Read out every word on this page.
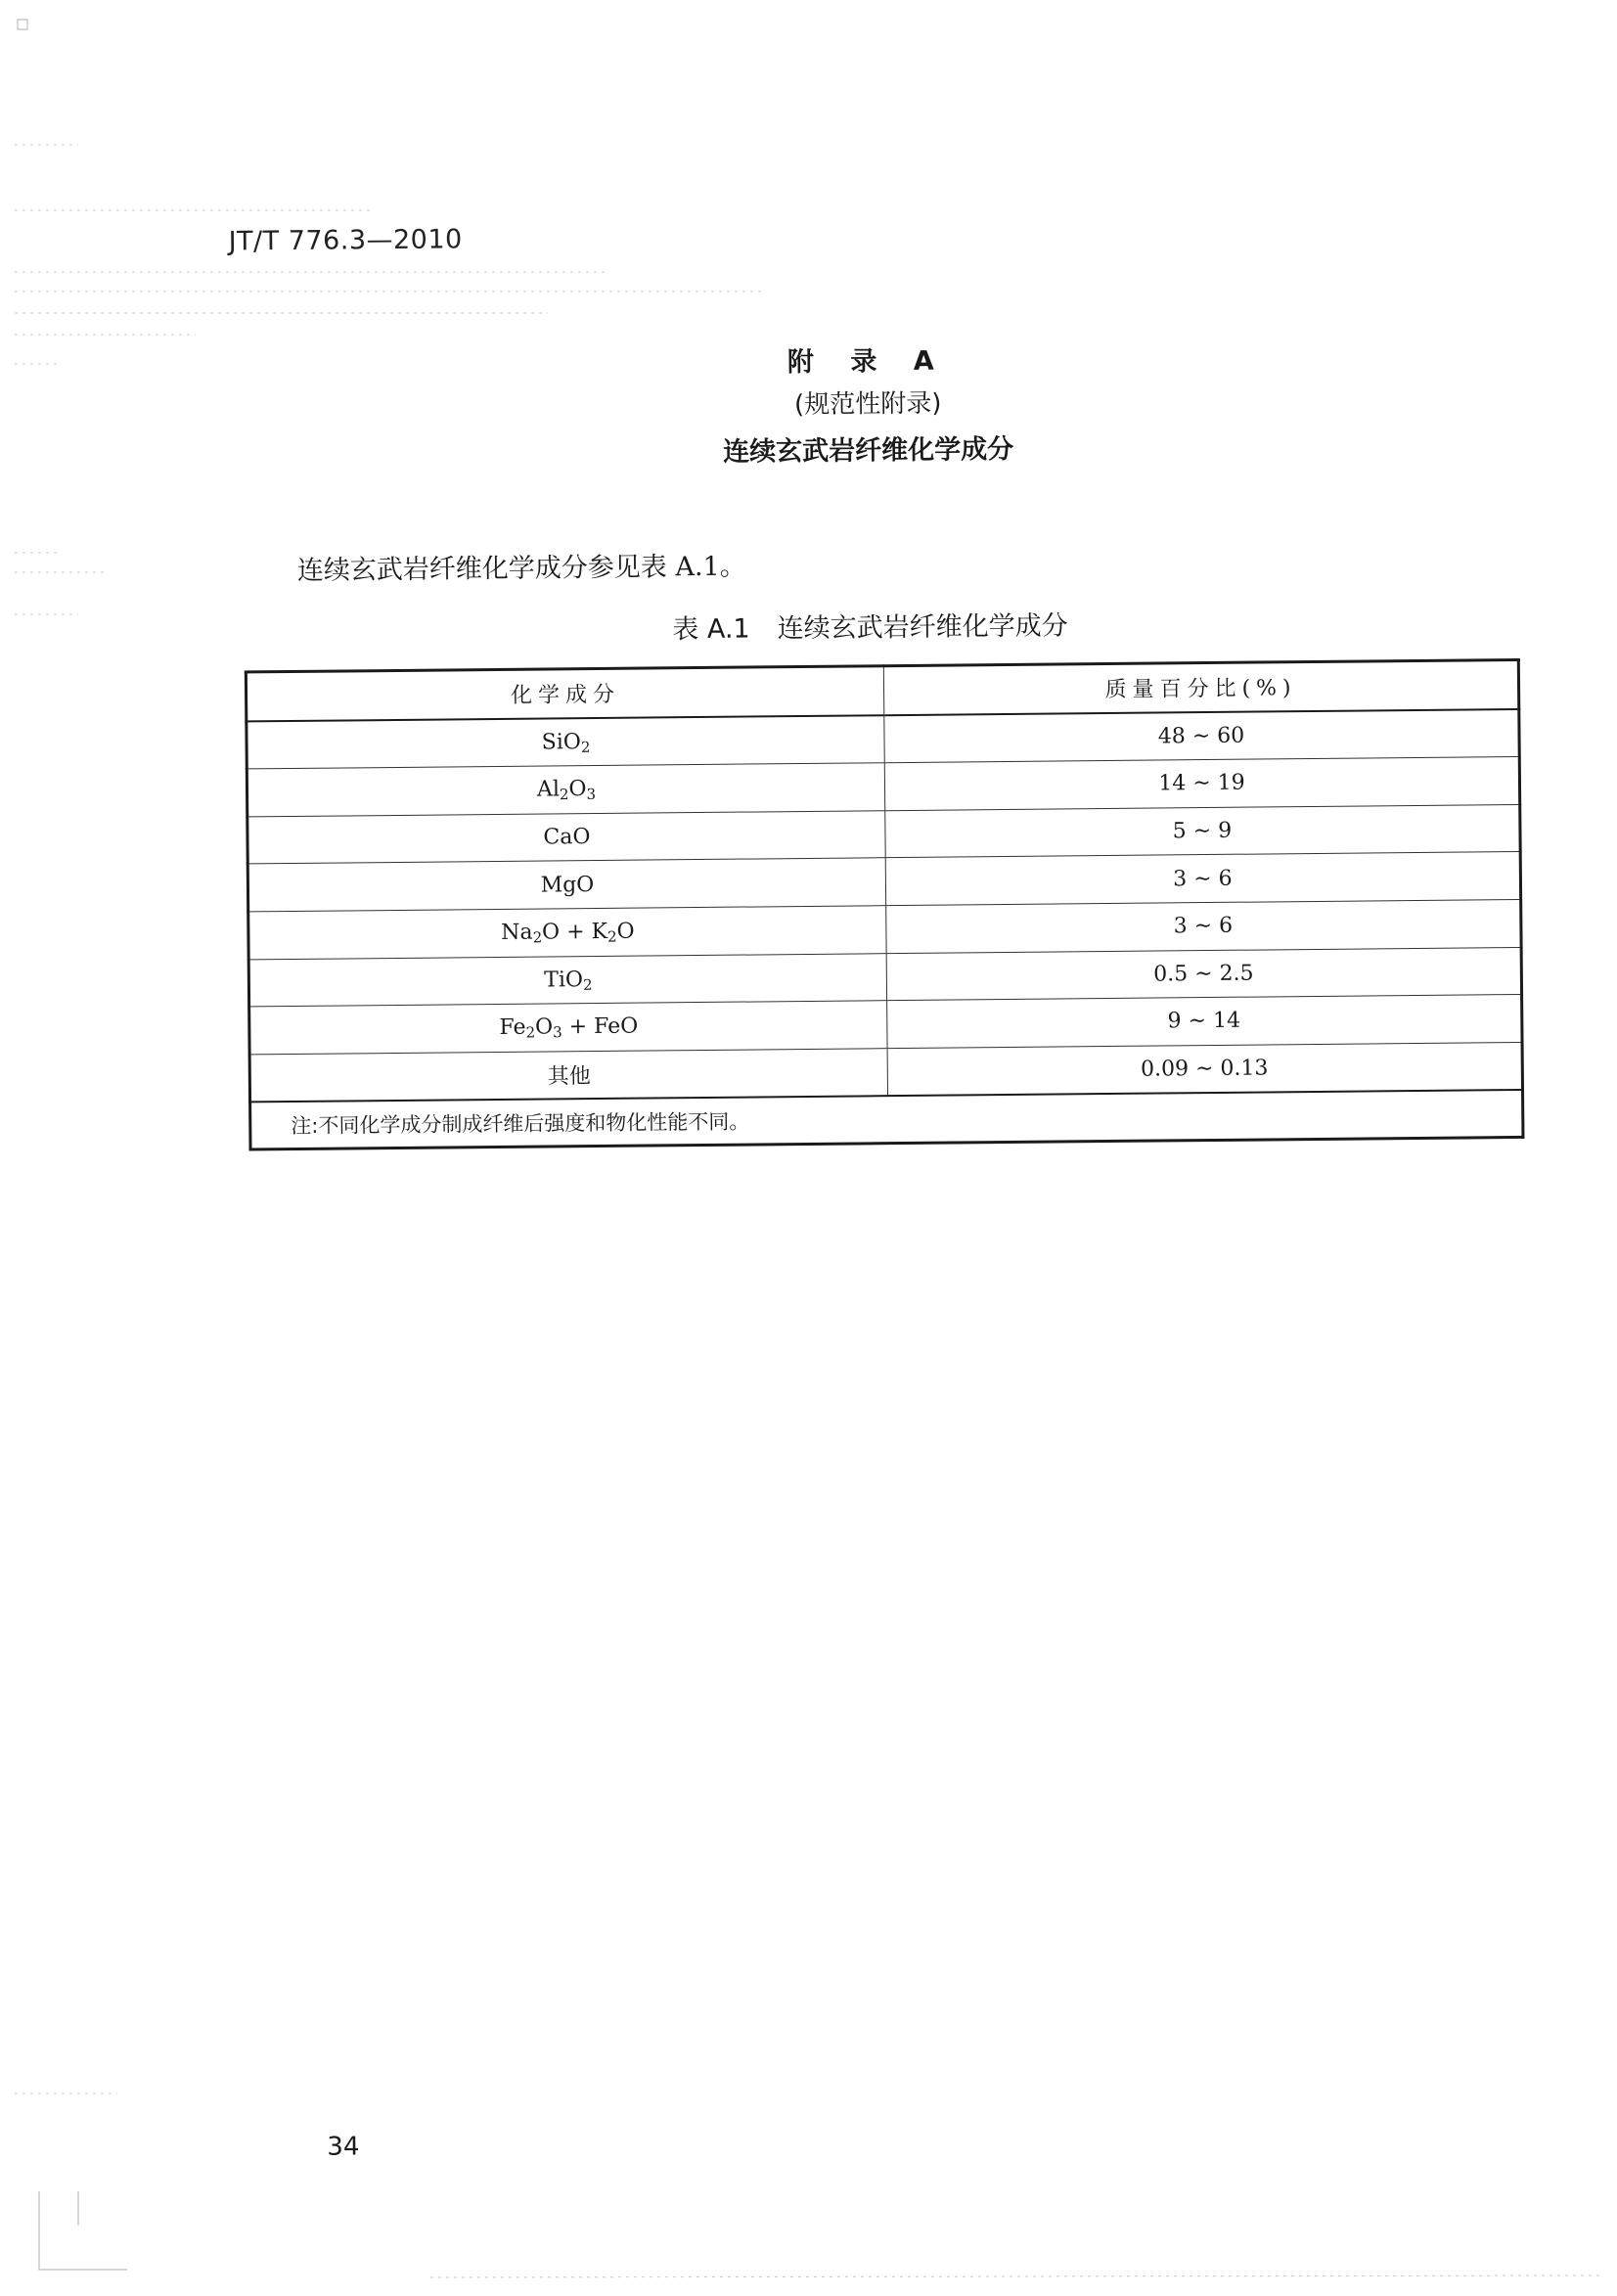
JT/T 776.3—2010
附 录 A
(规范性附录)
连续玄武岩纤维化学成分
连续玄武岩纤维化学成分参见表 A.1。
表 A.1 连续玄武岩纤维化学成分
化学成分	质量百分比(%)
SiO$_2$	48 ~ 60
$Al_2O_3$	14 ~ 19
CaO	5 ~ 9
MgO	3 ~ 6
$Na_2O + K_2O$	3 ~ 6
TiO$_2$	0.5 ~ 2.5
$Fe_2O_3$ + FeO	9 ~ 14
其他	0.09 ~ 0.13
注:不同化学成分制成纤维后强度和物化性能不同。	
34
